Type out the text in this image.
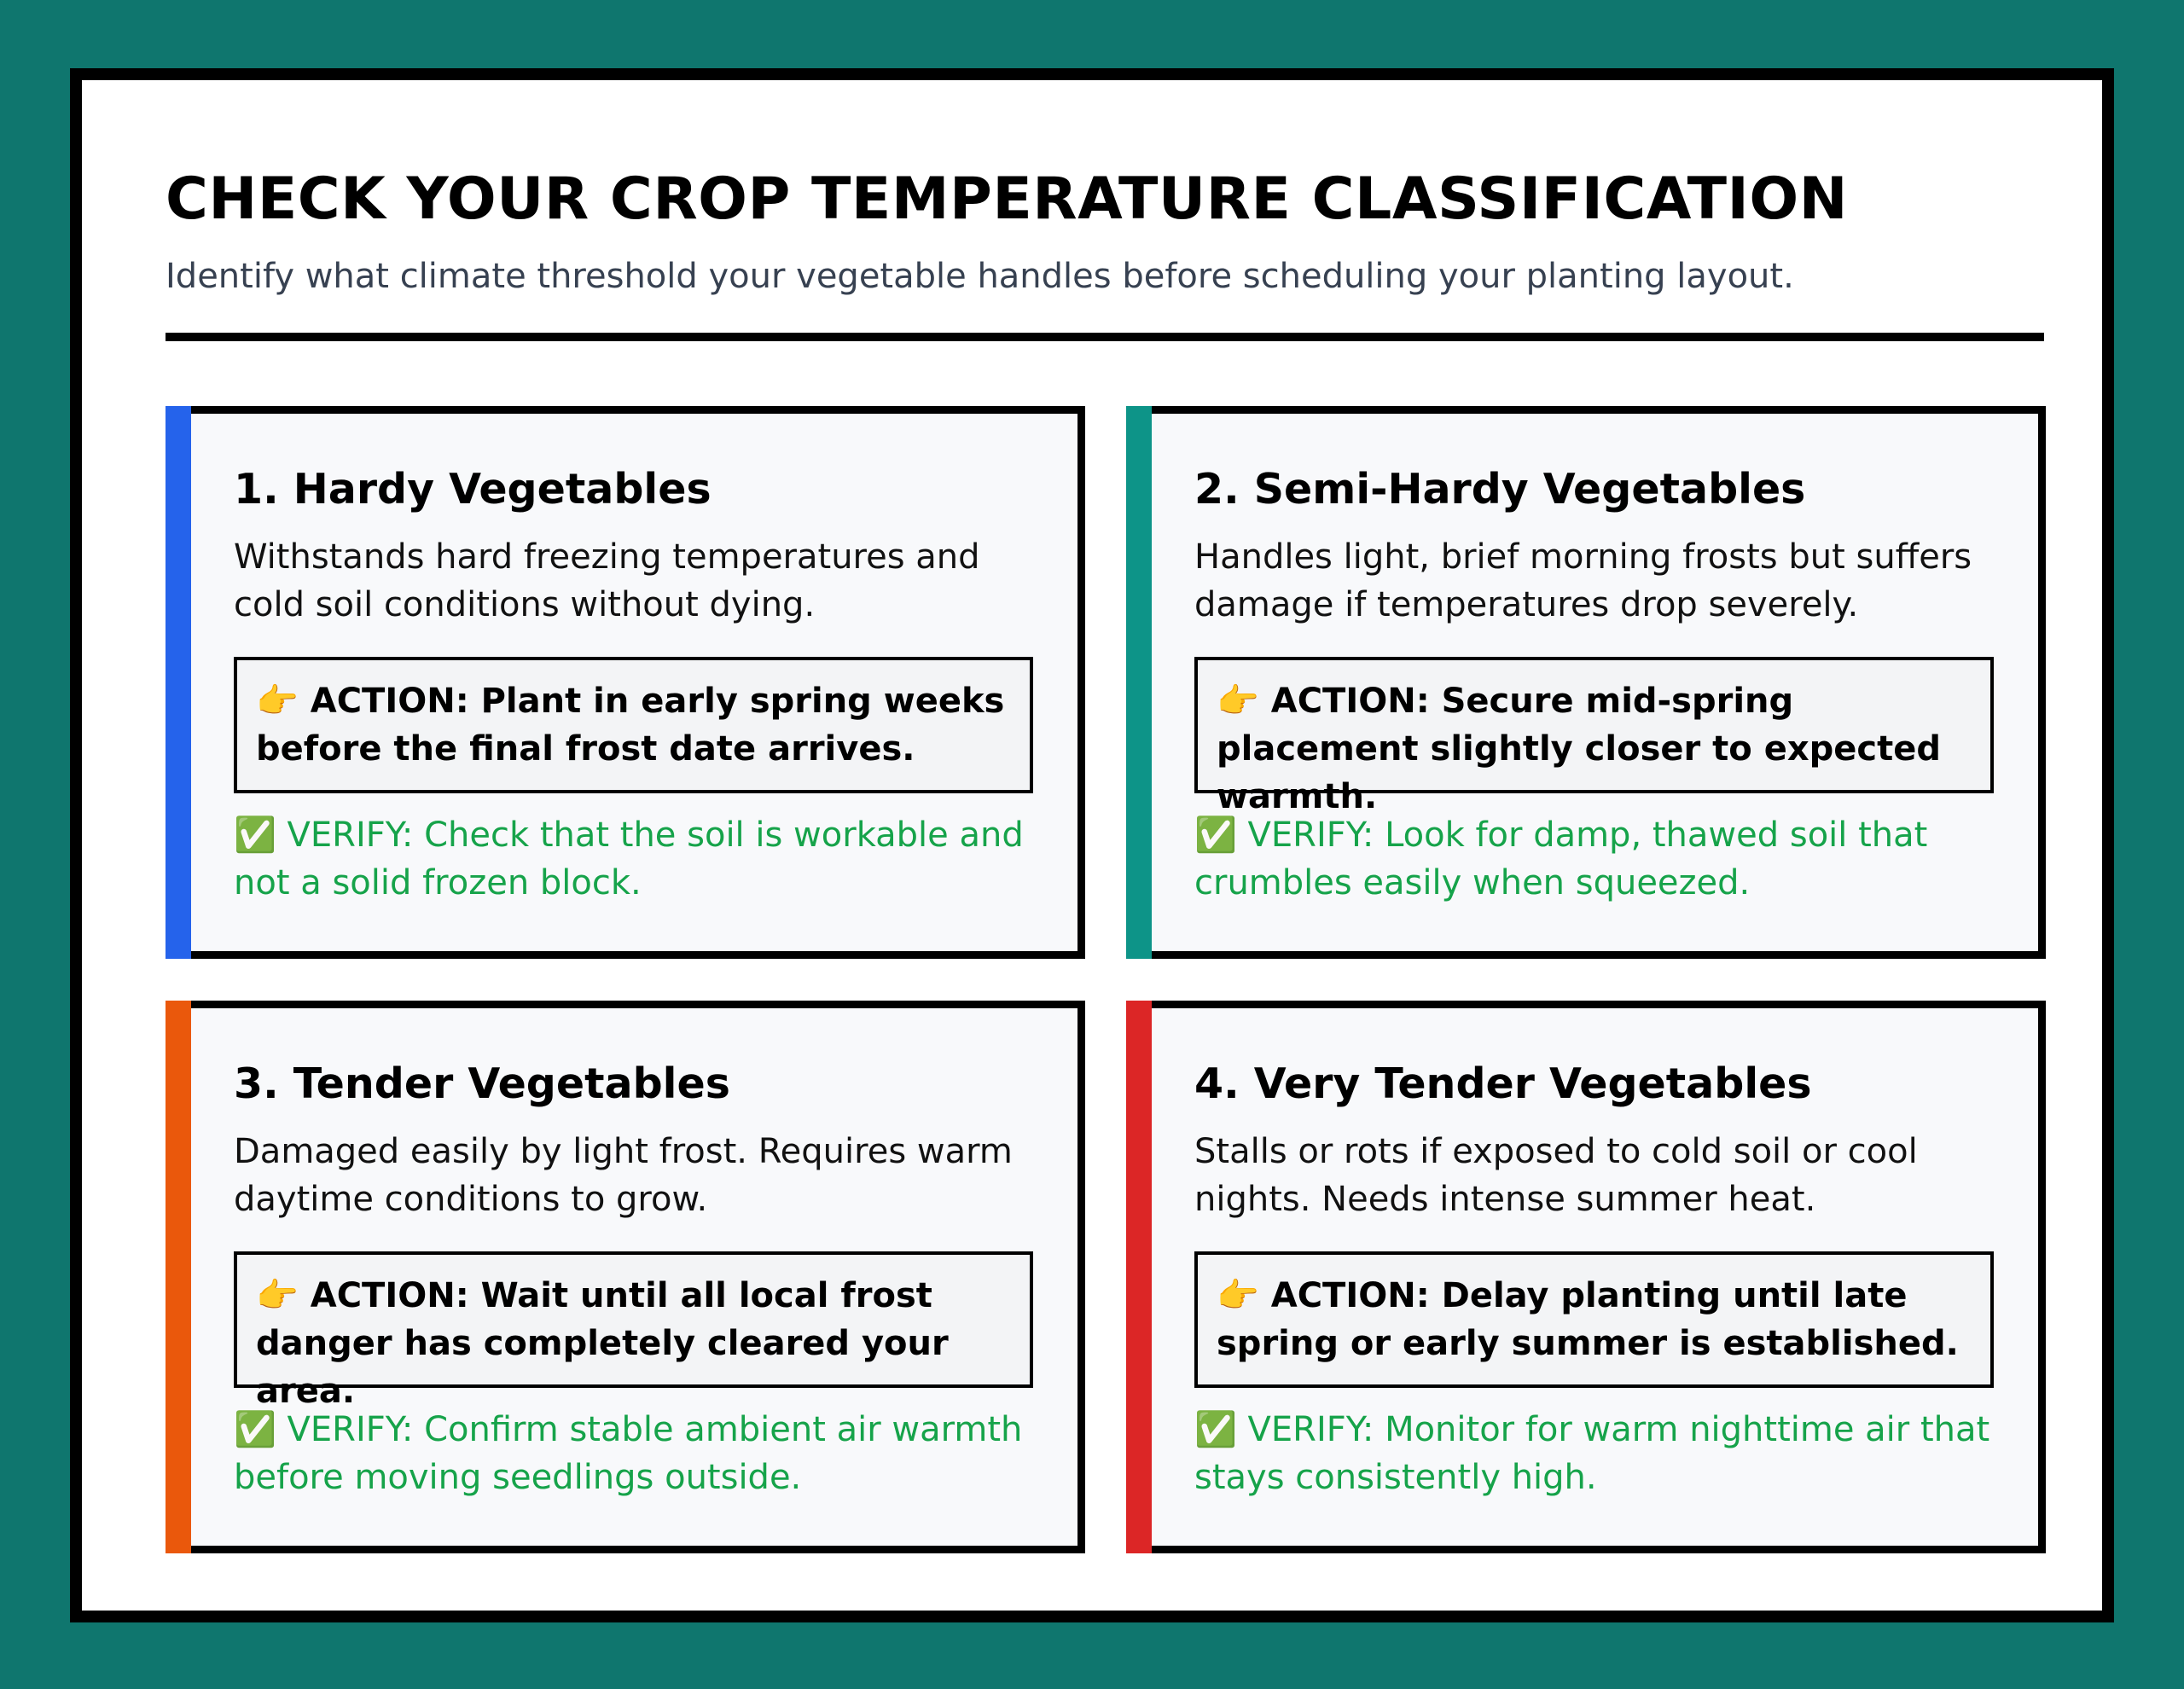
CHECK YOUR CROP TEMPERATURE CLASSIFICATION

Identify what climate threshold your vegetable handles before scheduling your planting layout.

1. Hardy Vegetables

Withstands hard freezing temperatures and cold soil conditions without dying.

👉 ACTION: Plant in early spring weeks before the final frost date arrives.

✅ VERIFY: Check that the soil is workable and not a solid frozen block.

2. Semi-Hardy Vegetables

Handles light, brief morning frosts but suffers damage if temperatures drop severely.

👉 ACTION: Secure mid-spring placement slightly closer to expected warmth.

✅ VERIFY: Look for damp, thawed soil that crumbles easily when squeezed.

3. Tender Vegetables

Damaged easily by light frost. Requires warm daytime conditions to grow.

👉 ACTION: Wait until all local frost danger has completely cleared your area.

✅ VERIFY: Confirm stable ambient air warmth before moving seedlings outside.

4. Very Tender Vegetables

Stalls or rots if exposed to cold soil or cool nights. Needs intense summer heat.

👉 ACTION: Delay planting until late spring or early summer is established.

✅ VERIFY: Monitor for warm nighttime air that stays consistently high.
